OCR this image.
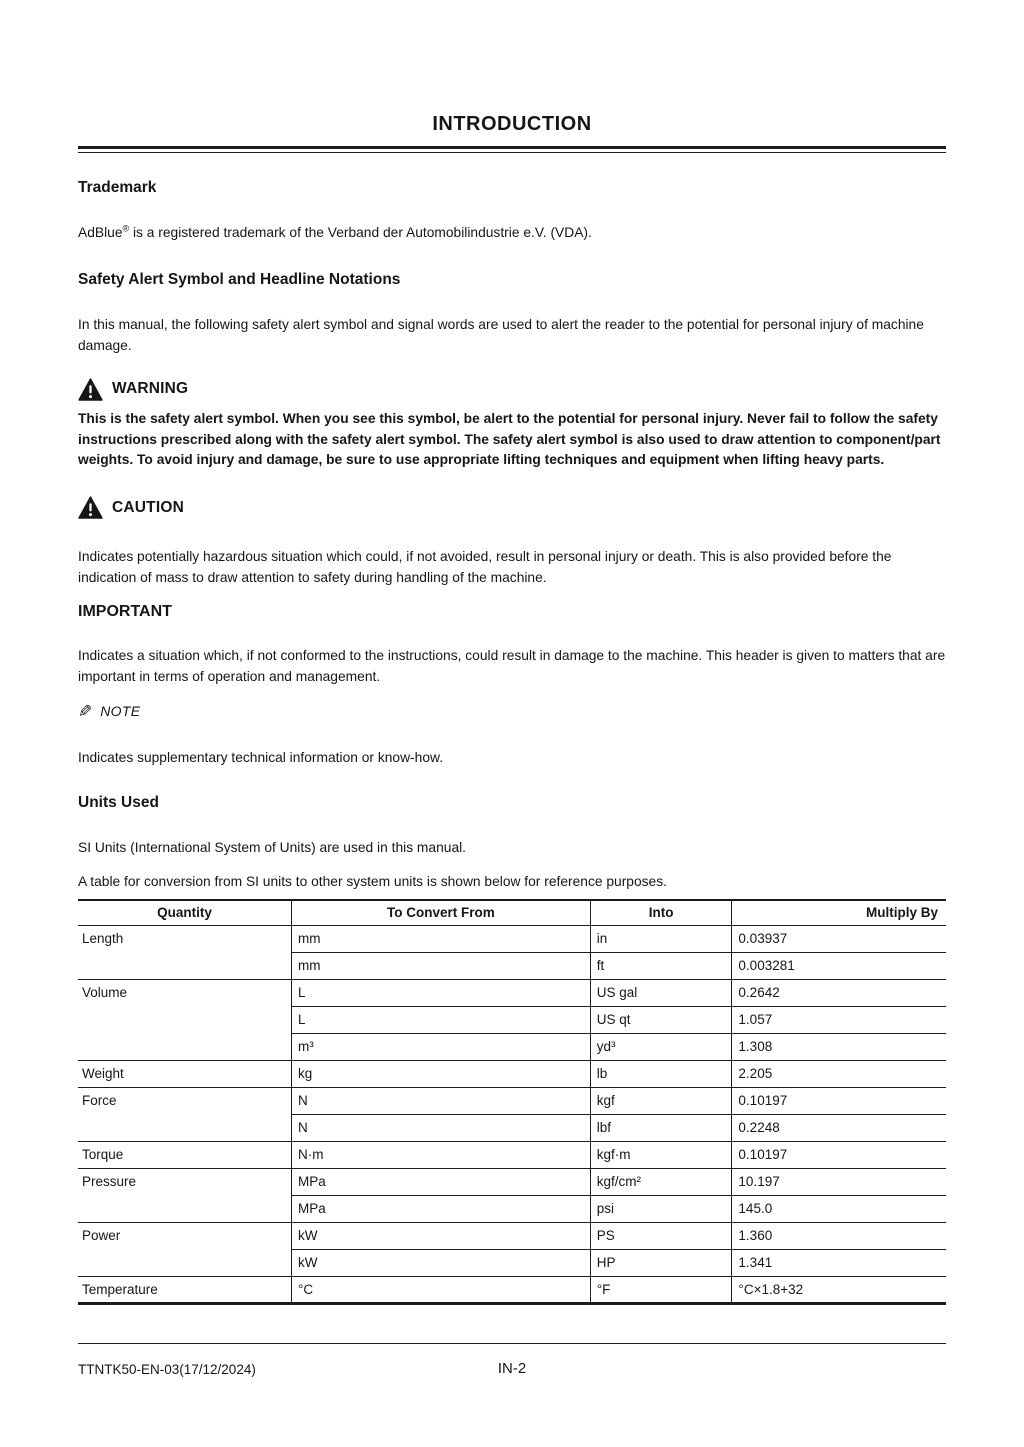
INTRODUCTION
Trademark

AdBlue® is a registered trademark of the Verband der Automobilindustrie e.V. (VDA).

Safety Alert Symbol and Headline Notations

In this manual, the following safety alert symbol and signal words are used to alert the reader to the potential for personal injury of machine damage.

WARNING

This is the safety alert symbol. When you see this symbol, be alert to the potential for personal injury. Never fail to follow the safety instructions prescribed along with the safety alert symbol. The safety alert symbol is also used to draw attention to component/part weights. To avoid injury and damage, be sure to use appropriate lifting techniques and equipment when lifting heavy parts.

CAUTION

Indicates potentially hazardous situation which could, if not avoided, result in personal injury or death. This is also provided before the indication of mass to draw attention to safety during handling of the machine.

IMPORTANT

Indicates a situation which, if not conformed to the instructions, could result in damage to the machine. This header is given to matters that are important in terms of operation and management.

✎ NOTE

Indicates supplementary technical information or know-how.

Units Used

SI Units (International System of Units) are used in this manual.

A table for conversion from SI units to other system units is shown below for reference purposes.

Quantity	To Convert From	Into	Multiply By
Length	mm	in	0.03937
	mm	ft	0.003281
Volume	L	US gal	0.2642
	L	US qt	1.057
	m³	yd³	1.308
Weight	kg	lb	2.205
Force	N	kgf	0.10197
	N	lbf	0.2248
Torque	N·m	kgf·m	0.10197
Pressure	MPa	kgf/cm²	10.197
	MPa	psi	145.0
Power	kW	PS	1.360
	kW	HP	1.341
Temperature	°C	°F	°C×1.8+32
TTNTK50-EN-03(17/12/2024)	IN-2
